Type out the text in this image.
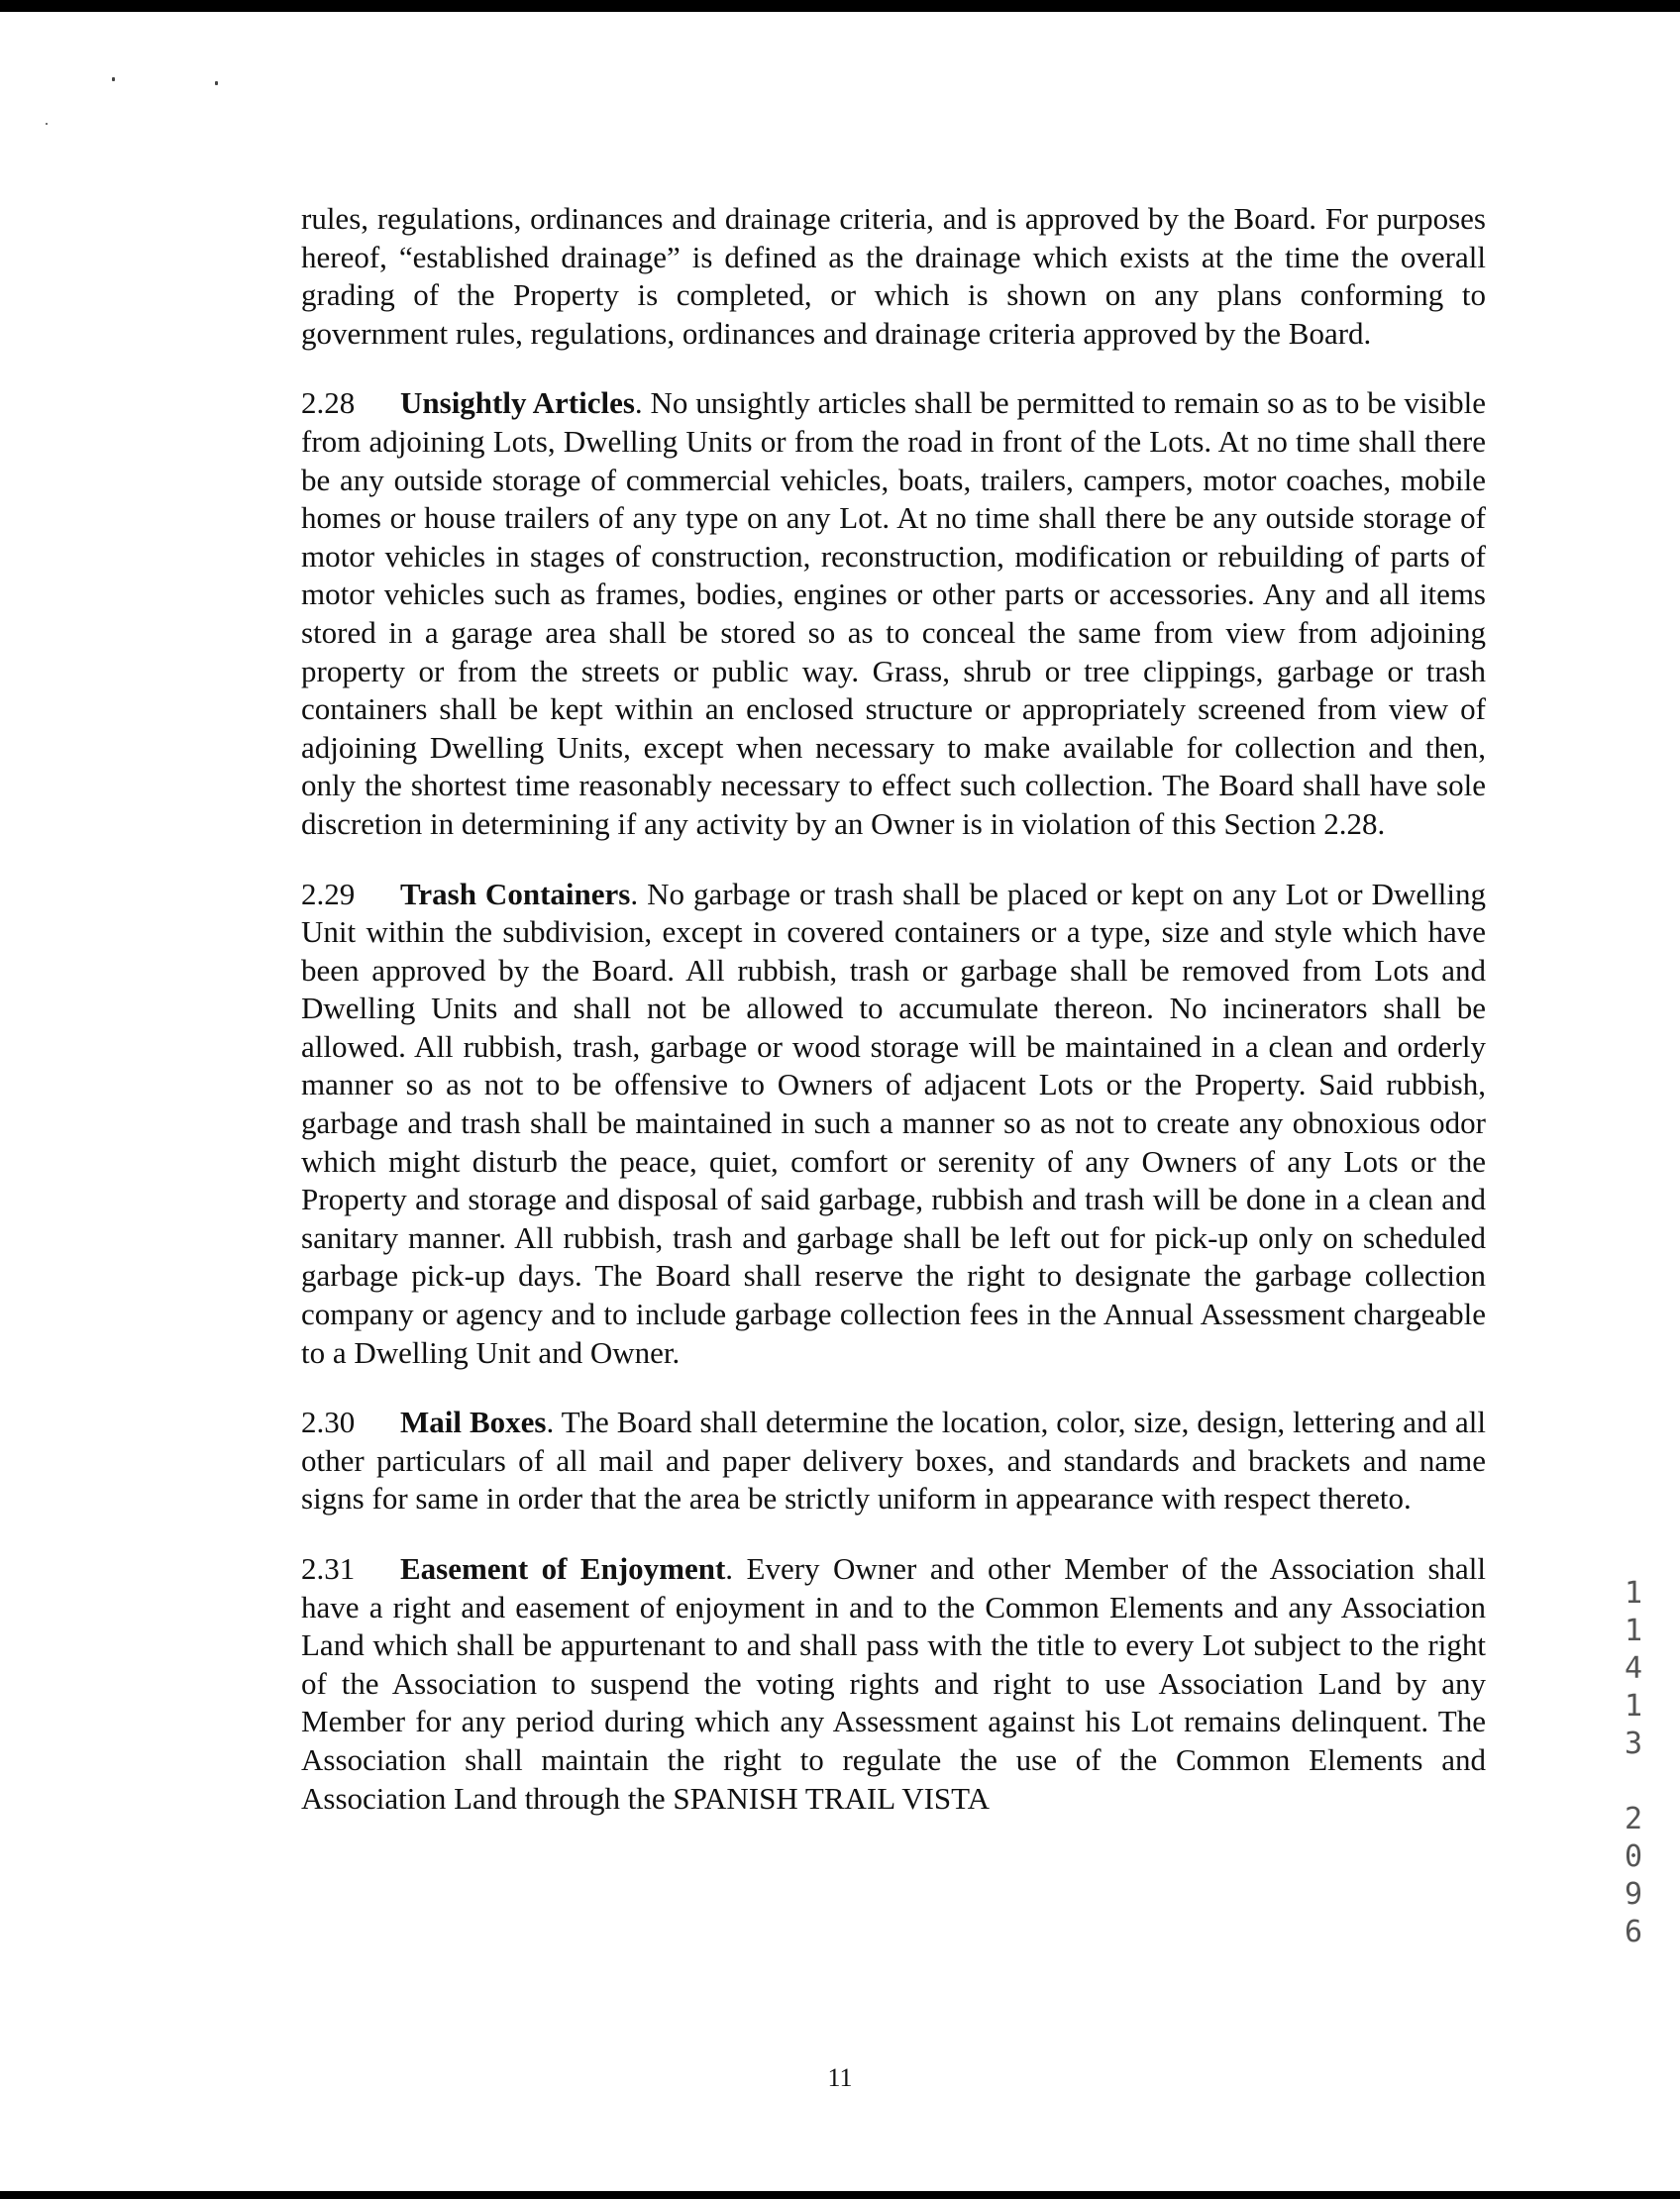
rules, regulations, ordinances and drainage criteria, and is approved by the Board. For purposes hereof, “established drainage” is defined as the drainage which exists at the time the overall grading of the Property is completed, or which is shown on any plans conforming to government rules, regulations, ordinances and drainage criteria approved by the Board.

2.28 Unsightly Articles. No unsightly articles shall be permitted to remain so as to be visible from adjoining Lots, Dwelling Units or from the road in front of the Lots. At no time shall there be any outside storage of commercial vehicles, boats, trailers, campers, motor coaches, mobile homes or house trailers of any type on any Lot. At no time shall there be any outside storage of motor vehicles in stages of construction, reconstruction, modification or rebuilding of parts of motor vehicles such as frames, bodies, engines or other parts or accessories. Any and all items stored in a garage area shall be stored so as to conceal the same from view from adjoining property or from the streets or public way. Grass, shrub or tree clippings, garbage or trash containers shall be kept within an enclosed structure or appropriately screened from view of adjoining Dwelling Units, except when necessary to make available for collection and then, only the shortest time reasonably necessary to effect such collection. The Board shall have sole discretion in determining if any activity by an Owner is in violation of this Section 2.28.

2.29 Trash Containers. No garbage or trash shall be placed or kept on any Lot or Dwelling Unit within the subdivision, except in covered containers or a type, size and style which have been approved by the Board. All rubbish, trash or garbage shall be removed from Lots and Dwelling Units and shall not be allowed to accumulate thereon. No incinerators shall be allowed. All rubbish, trash, garbage or wood storage will be maintained in a clean and orderly manner so as not to be offensive to Owners of adjacent Lots or the Property. Said rubbish, garbage and trash shall be maintained in such a manner so as not to create any obnoxious odor which might disturb the peace, quiet, comfort or serenity of any Owners of any Lots or the Property and storage and disposal of said garbage, rubbish and trash will be done in a clean and sanitary manner. All rubbish, trash and garbage shall be left out for pick-up only on scheduled garbage pick-up days. The Board shall reserve the right to designate the garbage collection company or agency and to include garbage collection fees in the Annual Assessment chargeable to a Dwelling Unit and Owner.

2.30 Mail Boxes. The Board shall determine the location, color, size, design, lettering and all other particulars of all mail and paper delivery boxes, and standards and brackets and name signs for same in order that the area be strictly uniform in appearance with respect thereto.

2.31 Easement of Enjoyment. Every Owner and other Member of the Association shall have a right and easement of enjoyment in and to the Common Elements and any Association Land which shall be appurtenant to and shall pass with the title to every Lot subject to the right of the Association to suspend the voting rights and right to use Association Land by any Member for any period during which any Assessment against his Lot remains delinquent. The Association shall maintain the right to regulate the use of the Common Elements and Association Land through the SPANISH TRAIL VISTA

1
1
4
1
3
2
0
9
6
11
